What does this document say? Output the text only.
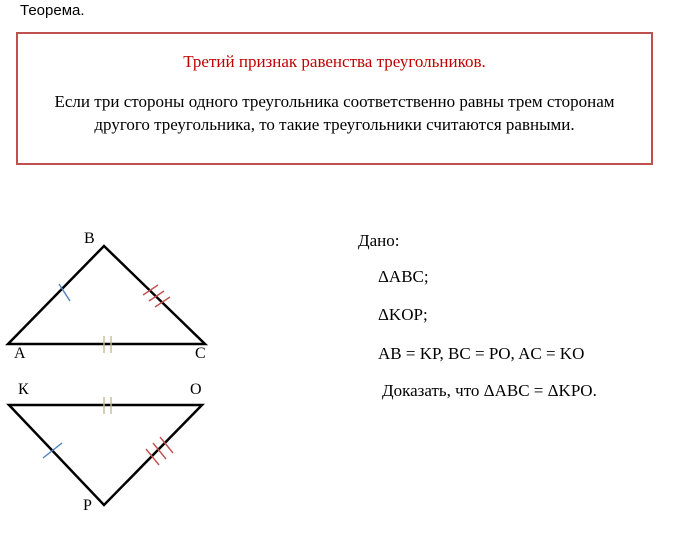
Теорема.
Третий признак равенства треугольников.
Если три стороны одного треугольника соответственно равны трем сторонам
другого треугольника, то такие треугольники считаются равными.
B
A	C
К	О
Р
Дано:
ΔABC;
ΔKOP;
AB = KP, BC = PO, AC = KO
Доказать, что ΔABC = ΔKPO.
